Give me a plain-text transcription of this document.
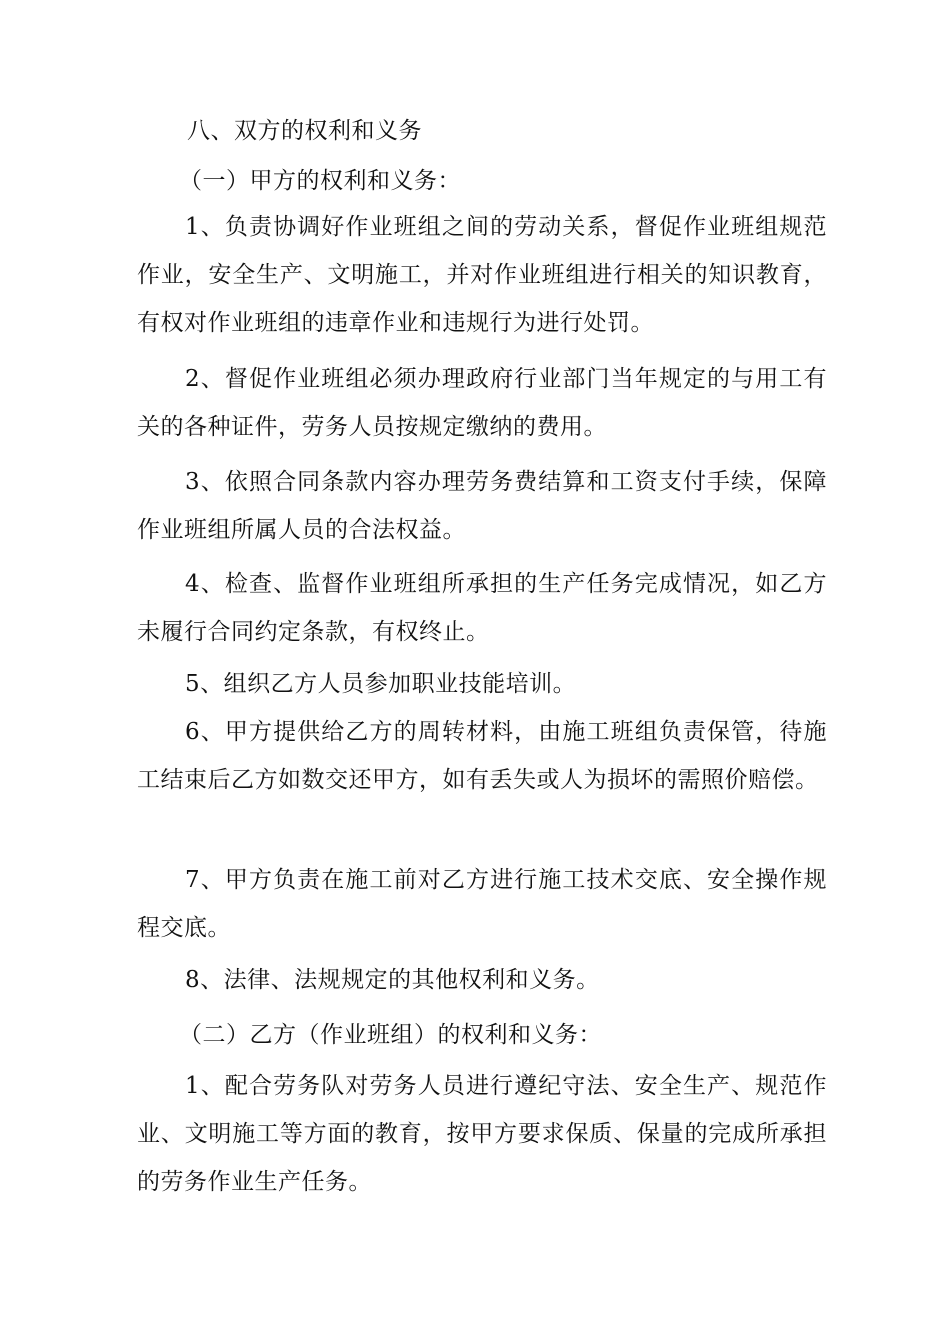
八、双方的权利和义务
（一）甲方的权利和义务：
1、负责协调好作业班组之间的劳动关系，督促作业班组规范作业，安全生产、文明施工，并对作业班组进行相关的知识教育，有权对作业班组的违章作业和违规行为进行处罚。
2、督促作业班组必须办理政府行业部门当年规定的与用工有关的各种证件，劳务人员按规定缴纳的费用。
3、依照合同条款内容办理劳务费结算和工资支付手续，保障作业班组所属人员的合法权益。
4、检查、监督作业班组所承担的生产任务完成情况，如乙方未履行合同约定条款，有权终止。
5、组织乙方人员参加职业技能培训。
6、甲方提供给乙方的周转材料，由施工班组负责保管，待施工结束后乙方如数交还甲方，如有丢失或人为损坏的需照价赔偿。
7、甲方负责在施工前对乙方进行施工技术交底、安全操作规程交底。
8、法律、法规规定的其他权利和义务。
（二）乙方（作业班组）的权利和义务：
1、配合劳务队对劳务人员进行遵纪守法、安全生产、规范作业、文明施工等方面的教育，按甲方要求保质、保量的完成所承担的劳务作业生产任务。
